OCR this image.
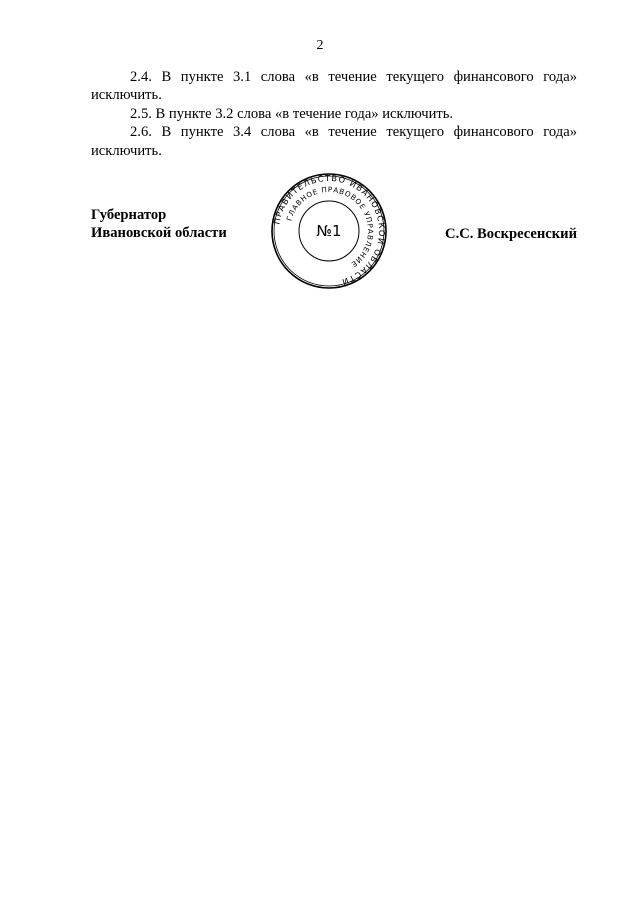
2

2.4. В пункте 3.1 слова «в течение текущего финансового года» исключить.

2.5. В пункте 3.2 слова «в течение года» исключить.

2.6. В пункте 3.4 слова «в течение текущего финансового года» исключить.

Губернатор
Ивановской области
ПРАВИТЕЛЬСТВО ИВАНОВСКОЙ ОБЛАСТИ
ГЛАВНОЕ ПРАВОВОЕ УПРАВЛЕНИЕ
№1	С.С. Воскресенский
